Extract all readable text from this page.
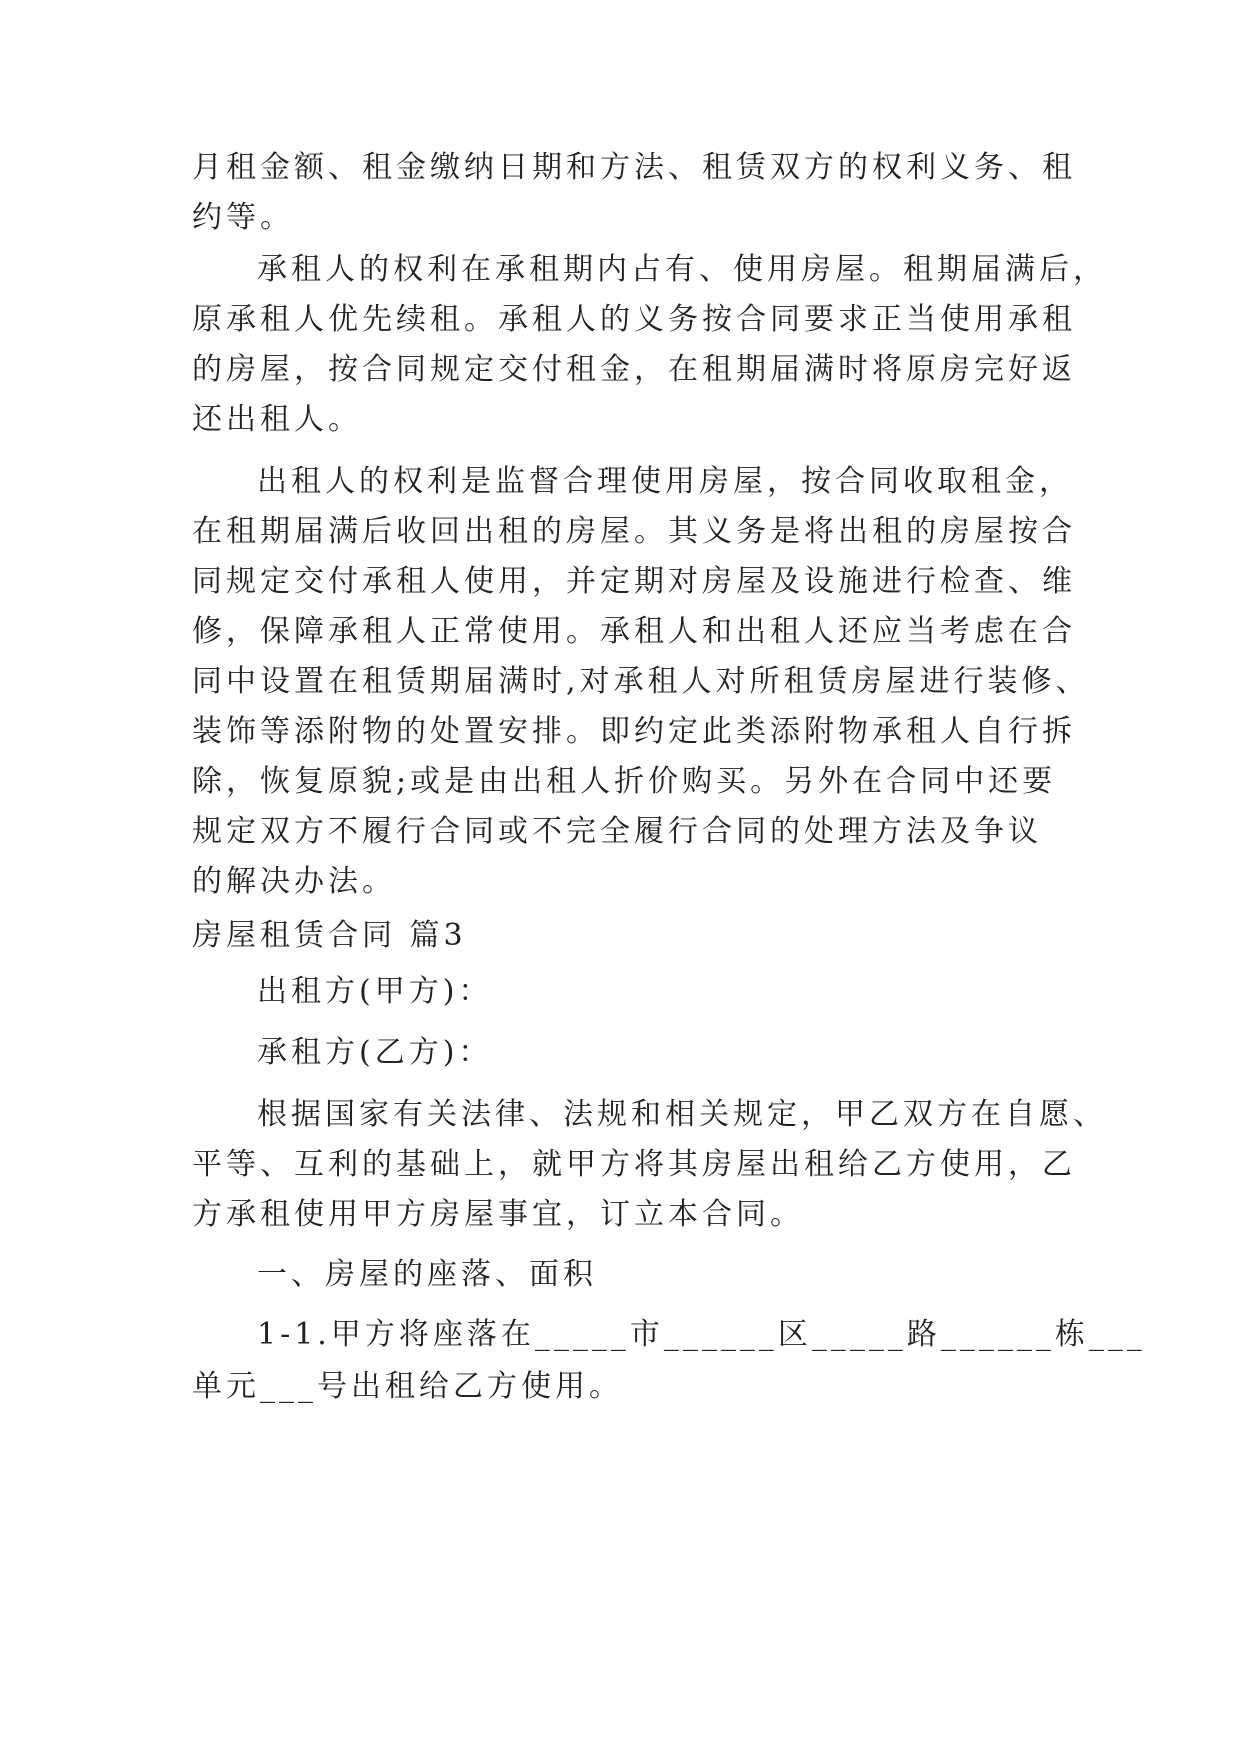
月租金额、租金缴纳日期和方法、租赁双方的权利义务、租
约等。
承租人的权利在承租期内占有、使用房屋。租期届满后，
原承租人优先续租。承租人的义务按合同要求正当使用承租
的房屋，按合同规定交付租金，在租期届满时将原房完好返
还出租人。
出租人的权利是监督合理使用房屋，按合同收取租金，
在租期届满后收回出租的房屋。其义务是将出租的房屋按合
同规定交付承租人使用，并定期对房屋及设施进行检查、维
修，保障承租人正常使用。承租人和出租人还应当考虑在合
同中设置在租赁期届满时,对承租人对所租赁房屋进行装修、
装饰等添附物的处置安排。即约定此类添附物承租人自行拆
除，恢复原貌;或是由出租人折价购买。另外在合同中还要
规定双方不履行合同或不完全履行合同的处理方法及争议
的解决办法。
房屋租赁合同 篇3
出租方(甲方)：
承租方(乙方)：
根据国家有关法律、法规和相关规定，甲乙双方在自愿、
平等、互利的基础上，就甲方将其房屋出租给乙方使用，乙
方承租使用甲方房屋事宜，订立本合同。
一、房屋的座落、面积
1-1.甲方将座落在_____市______区_____路______栋___
单元___号出租给乙方使用。
